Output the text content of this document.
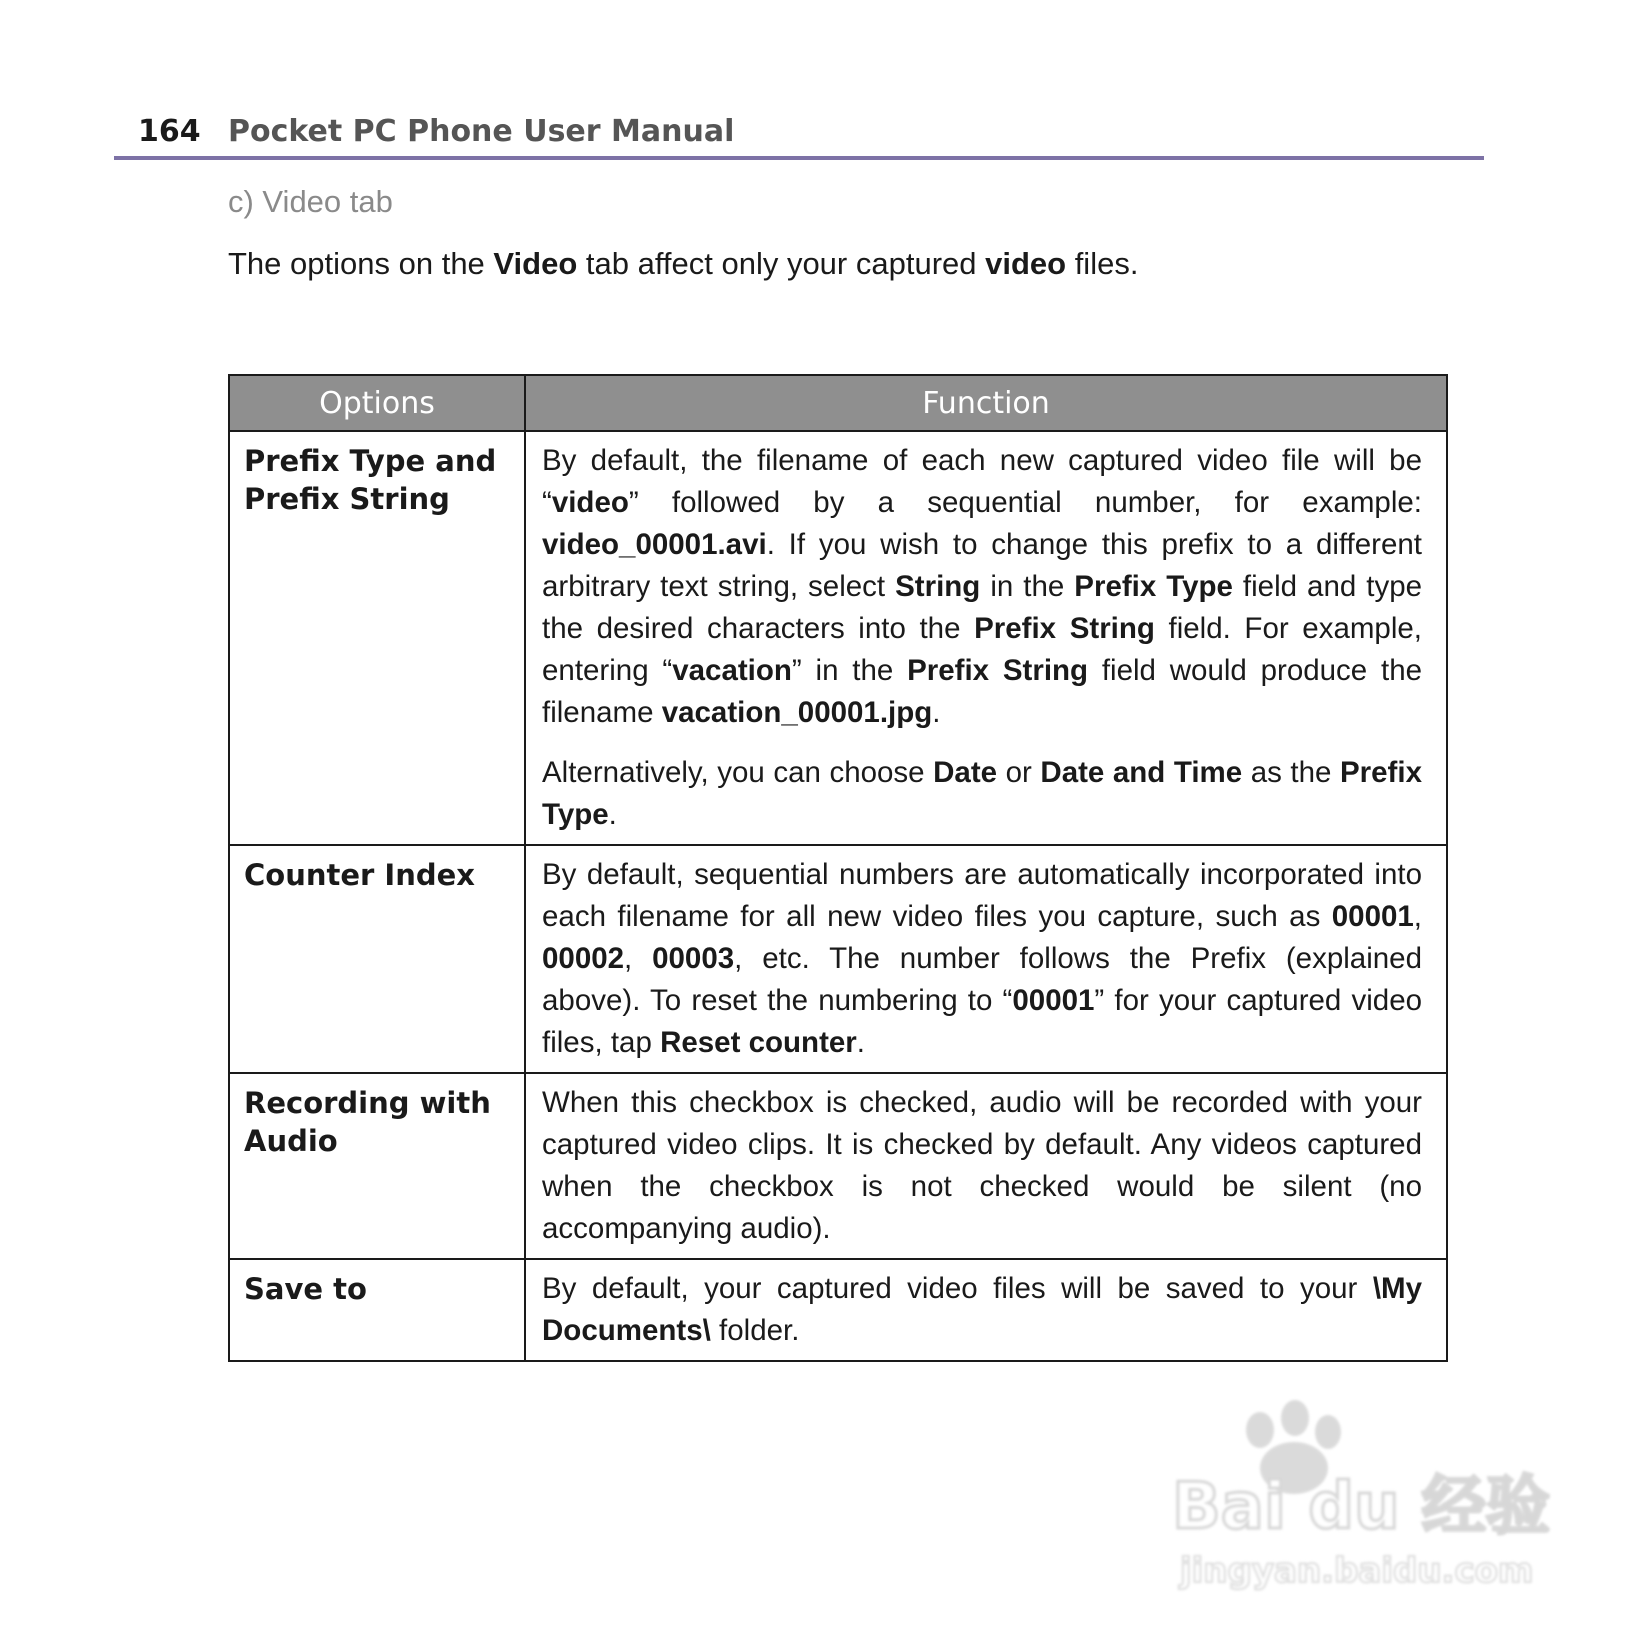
164 Pocket PC Phone User Manual
c) Video tab
The options on the Video tab affect only your captured video files.
Options	Function
Prefix Type and Prefix String	By default, the filename of each new captured video file will be “video” followed by a sequential number, for example: video_00001.avi. If you wish to change this prefix to a different arbitrary text string, select String in the Prefix Type field and type the desired characters into the Prefix String field. For example, entering “vacation” in the Prefix String field would produce the filename vacation_00001.jpg.

Alternatively, you can choose Date or Date and Time as the Prefix Type.

Counter Index	By default, sequential numbers are automatically incorporated into each filename for all new video files you capture, such as 00001, 00002, 00003, etc. The number follows the Prefix (explained above). To reset the numbering to “00001” for your captured video files, tap Reset counter.

Recording with Audio	When this checkbox is checked, audio will be recorded with your captured video clips. It is checked by default. Any videos captured when the checkbox is not checked would be silent (no accompanying audio).

Save to	By default, your captured video files will be saved to your \My Documents\ folder.

Bai du 经验
jingyan.baidu.com
